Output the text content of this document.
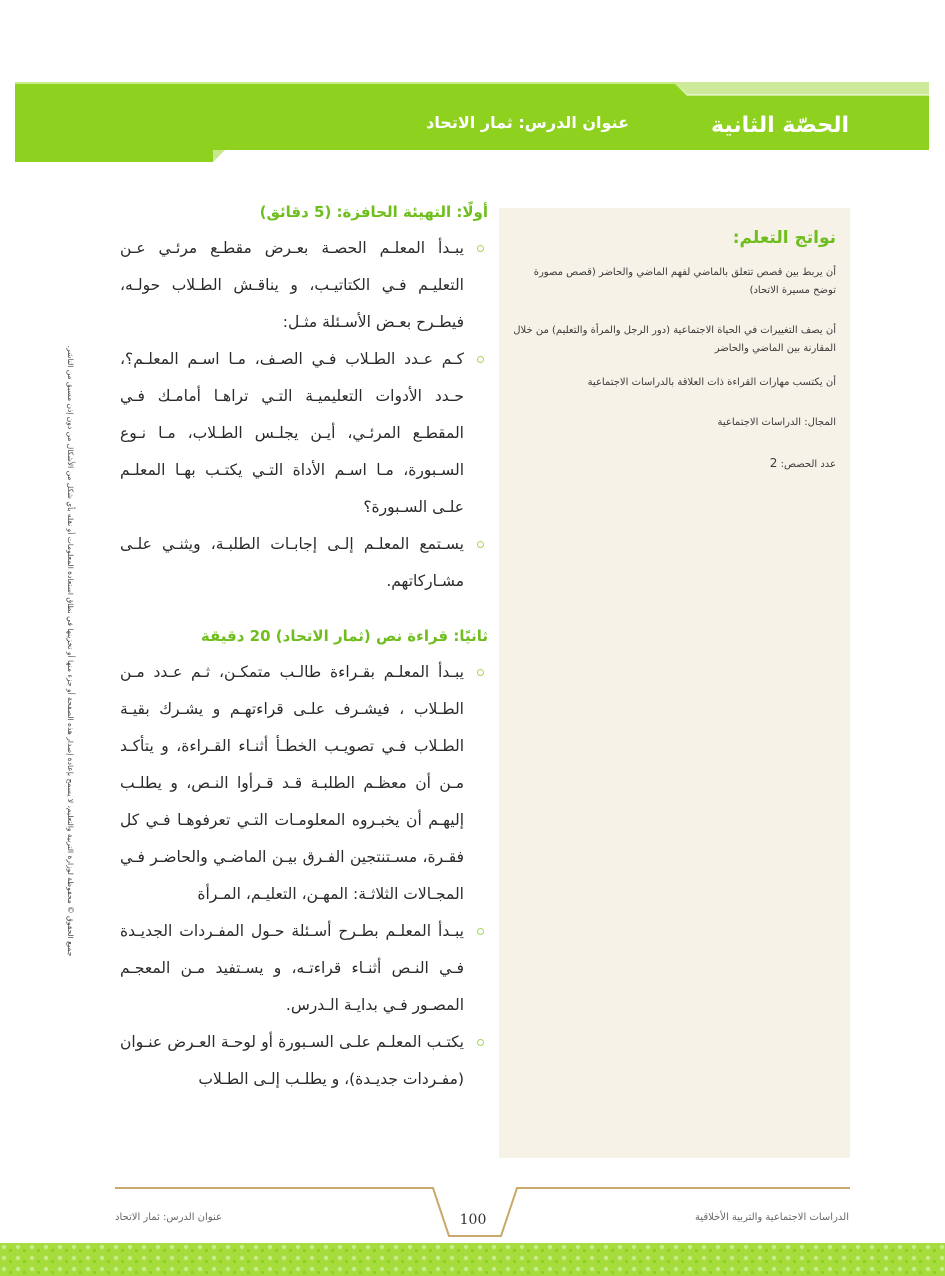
الحصّة الثانية
عنوان الدرس: ثمار الاتحاد
جميع الحقوق © محفوظة لوزارة التربية والتعليم، لا يسمح بإعادة إصدار هذه الصفحة أو جزء منها أو تخزينها في نطاق استعادة المعلومات أو نقله بأي شكل من الأشكال من دون إذن مسبق من الناشر.
نواتج التعلم:
أن يربط بين قصص تتعلق بالماضي لفهم الماضي والحاضر (قصص مصورة توضح مسيرة الاتحاد)
أن يصف التغييرات في الحياة الاجتماعية (دور الرجل والمرأة والتعليم) من خلال المقارنة بين الماضي والحاضر
أن يكتسب مهارات القراءة ذات العلاقة بالدراسات الاجتماعية
المجال: الدراسات الاجتماعية
عدد الحصص: 2
أولًا: التهيئة الحافزة: (5 دقائق)
يبـدأ المعلـم الحصـة بعـرض مقطـع مرئـي عـن التعليـم فـي الكتاتيـب، و يناقـش الطـلاب حولـه، فيطـرح بعـض الأسـئلة مثـل:
كـم عـدد الطـلاب فـي الصـف، مـا اسـم المعلـم؟، حـدد الأدوات التعليميـة التـي تراهـا أمامـك فـي المقطـع المرئـي، أيـن يجلـس الطـلاب، مـا نـوع السـبورة، مـا اسـم الأداة التـي يكتـب بهـا المعلـم علـى السـبورة؟
يسـتمع المعلـم إلـى إجابـات الطلبـة، ويثنـي علـى مشـاركاتهم.
ثانيًا: قراءة نص (ثمار الاتحاد) 20 دقيقة
يبـدأ المعلـم بقـراءة طالـب متمكـن، ثـم عـدد مـن الطـلاب ، فيشـرف علـى قراءتهـم و يشـرك بقيـة الطـلاب فـي تصويـب الخطـأ أثنـاء القـراءة، و يتأكـد مـن أن معظـم الطلبـة قـد قـرأوا النـص، و يطلـب إليهـم أن يخبـروه المعلومـات التـي تعرفوهـا فـي كل فقـرة، مسـتنتجين الفـرق بيـن الماضـي والحاضـر فـي المجـالات الثلاثـة: المهـن، التعليـم، المـرأة
يبـدأ المعلـم بطـرح أسـئلة حـول المفـردات الجديـدة فـي النـص أثنـاء قراءتـه، و يسـتفيد مـن المعجـم المصـور فـي بدايـة الـدرس.
يكتـب المعلـم علـى السـبورة أو لوحـة العـرض عنـوان (مفـردات جديـدة)، و يطلـب إلـى الطـلاب
عنوان الدرس: ثمار الاتحاد	100	الدراسات الاجتماعية والتربية الأخلاقية
